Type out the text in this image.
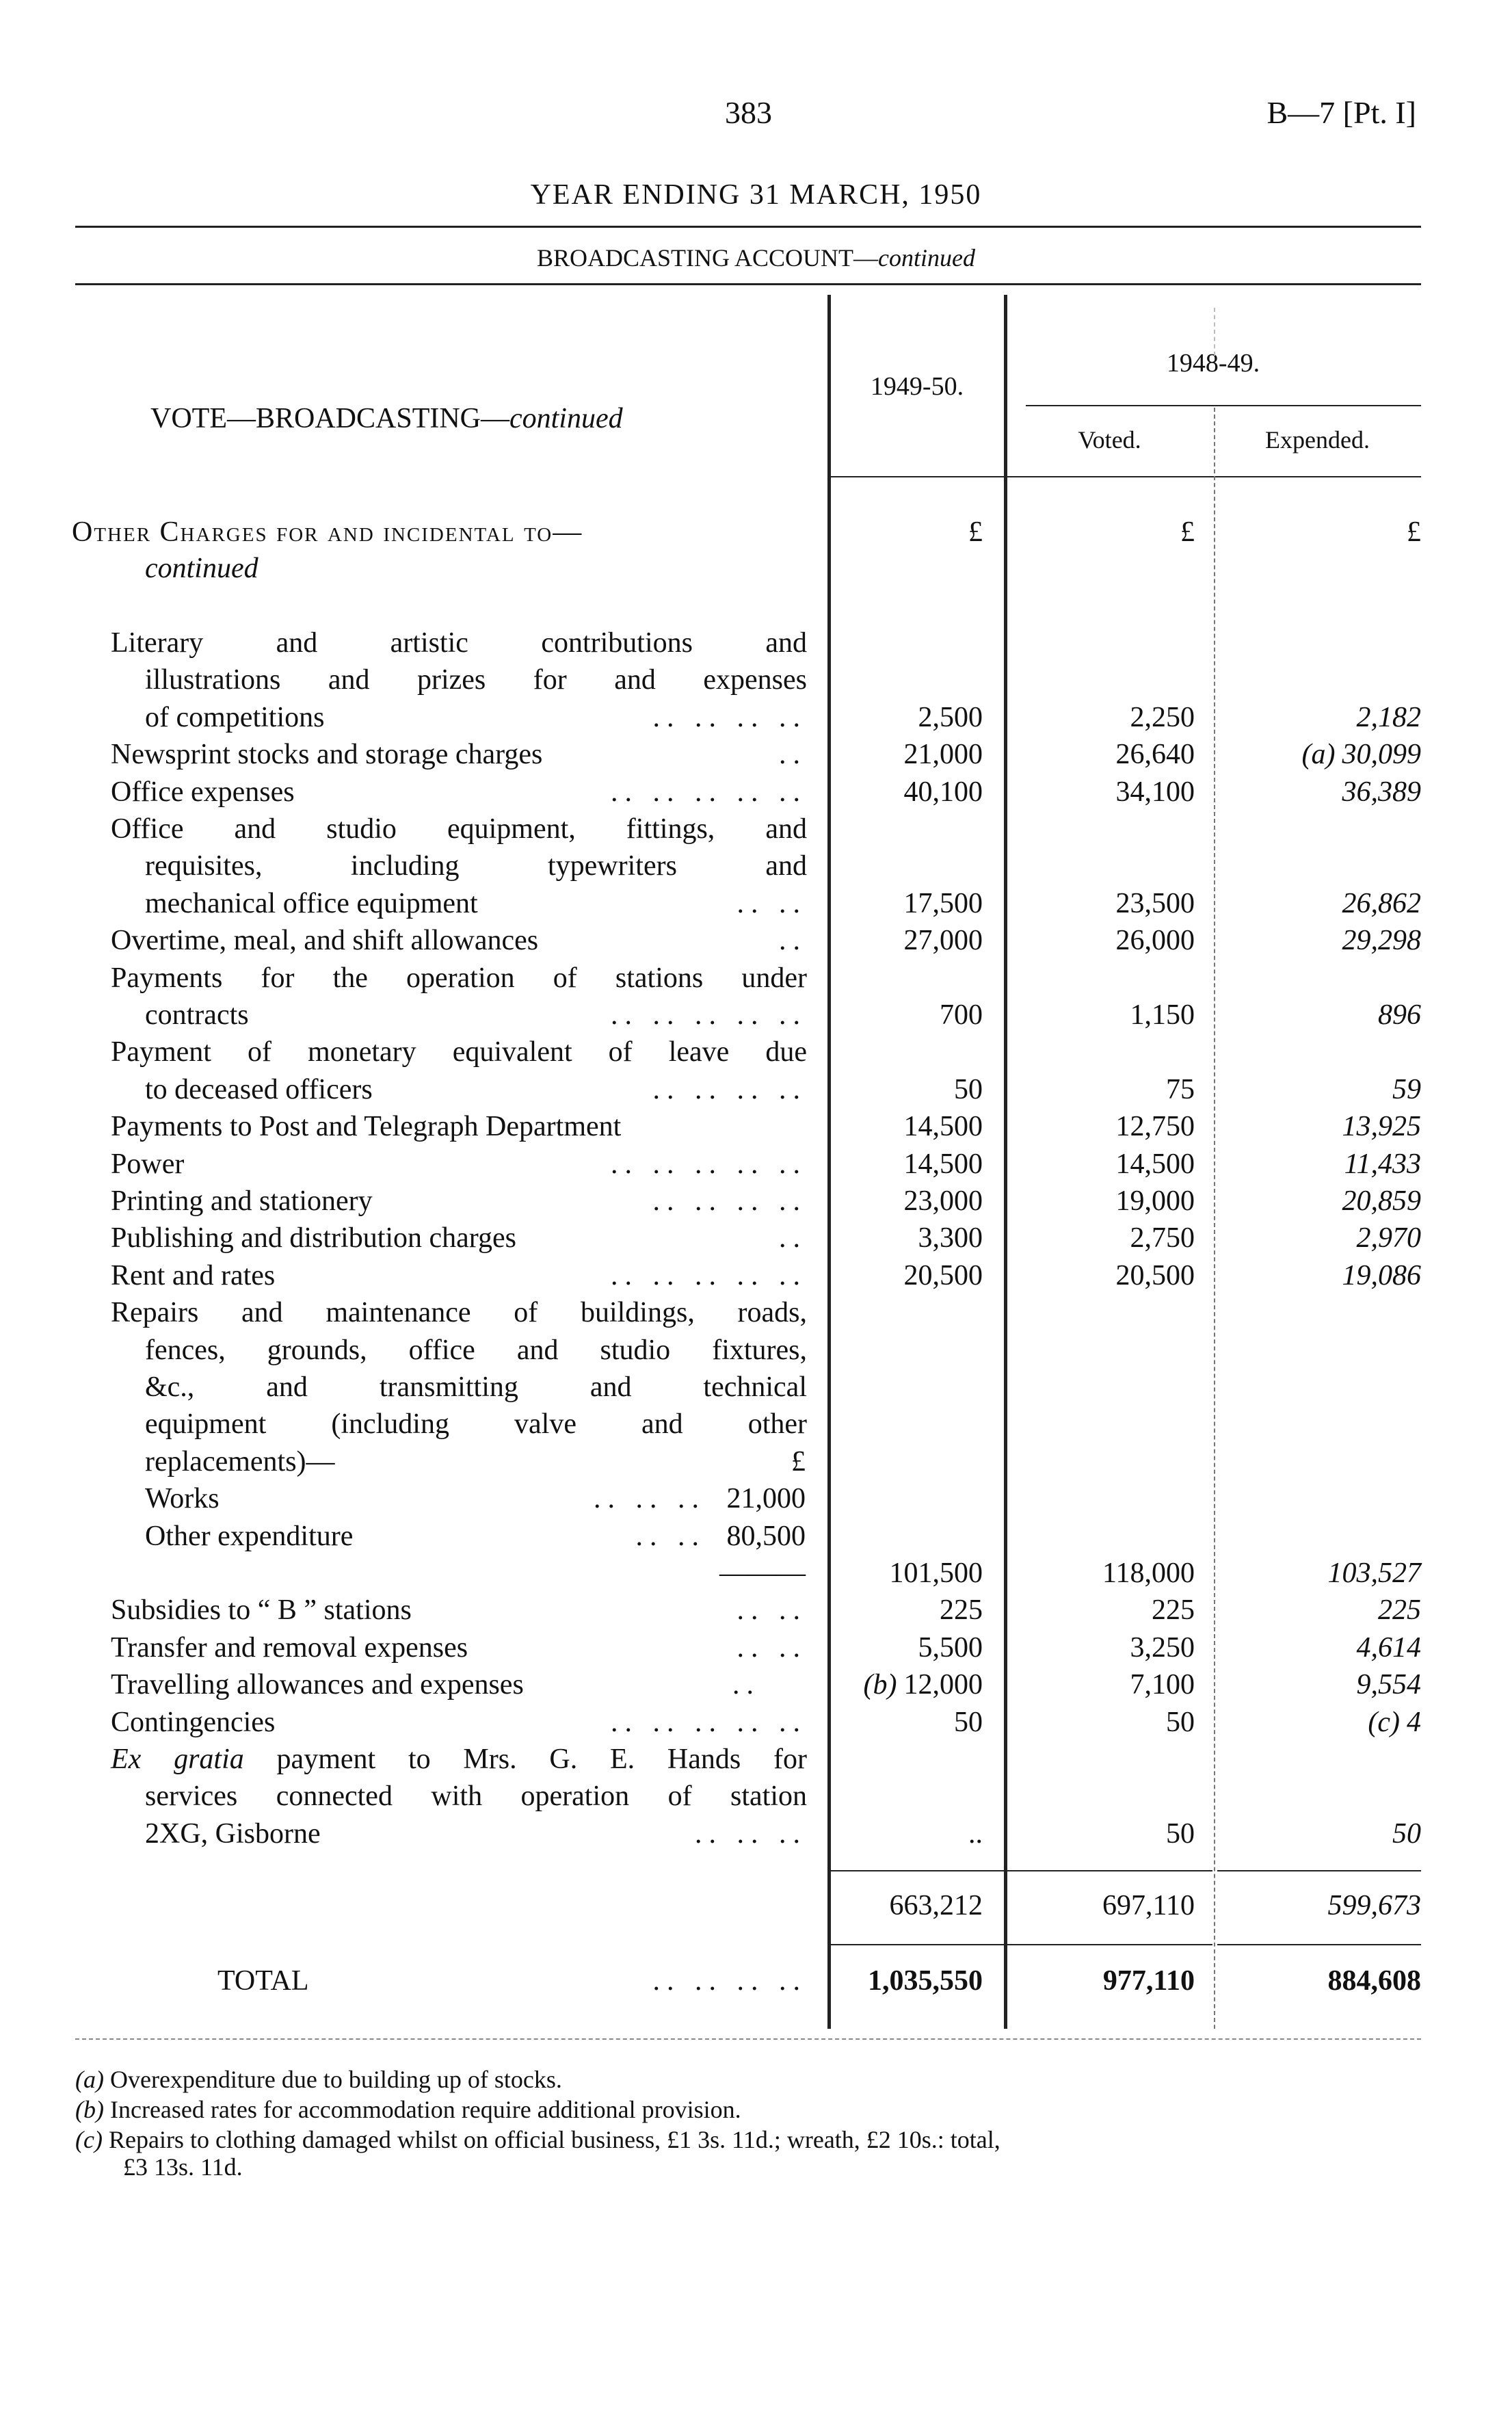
383	B—7 [Pt. I]
YEAR ENDING 31 MARCH, 1950
BROADCASTING ACCOUNT—continued
VOTE—BROADCASTING—continued
1949-50.
1948-49.
Voted.	Expended.
Other Charges for and incidental to—
continued
£	£	£
Literary and artistic contributions and
illustrations and prizes for and expenses
of competitions	.. .. .. ..	2,500	2,250	2,182
Newsprint stocks and storage charges	..	21,000	26,640	(a) 30,099
Office expenses	.. .. .. .. ..	40,100	34,100	36,389
Office and studio equipment, fittings, and
requisites, including typewriters and
mechanical office equipment	.. ..	17,500	23,500	26,862
Overtime, meal, and shift allowances	..	27,000	26,000	29,298
Payments for the operation of stations under
contracts	.. .. .. .. ..	700	1,150	896
Payment of monetary equivalent of leave due
to deceased officers	.. .. .. ..	50	75	59
Payments to Post and Telegraph Department	14,500	12,750	13,925
Power	.. .. .. .. ..	14,500	14,500	11,433
Printing and stationery	.. .. .. ..	23,000	19,000	20,859
Publishing and distribution charges	..	3,300	2,750	2,970
Rent and rates	.. .. .. .. ..	20,500	20,500	19,086
Repairs and maintenance of buildings, roads,
fences, grounds, office and studio fixtures,
&c., and transmitting and technical
equipment (including valve and other
replacements)—	£
Works	.. .. .. 21,000
Other expenditure	.. .. 80,500
———	101,500	118,000	103,527
Subsidies to “ B ” stations	.. ..	225	225	225
Transfer and removal expenses	.. ..	5,500	3,250	4,614
Travelling allowances and expenses	..	(b) 12,000	7,100	9,554
Contingencies	.. .. .. .. ..	50	50	(c) 4
Ex gratia payment to Mrs. G. E. Hands for
services connected with operation of station
2XG, Gisborne	.. .. ..	..	50	50
663,212	697,110	599,673
TOTAL	.. .. .. .. 1,035,550	977,110	884,608
(a) Overexpenditure due to building up of stocks.
(b) Increased rates for accommodation require additional provision.
(c) Repairs to clothing damaged whilst on official business, £1 3s. 11d.; wreath, £2 10s.: total,
£3 13s. 11d.
